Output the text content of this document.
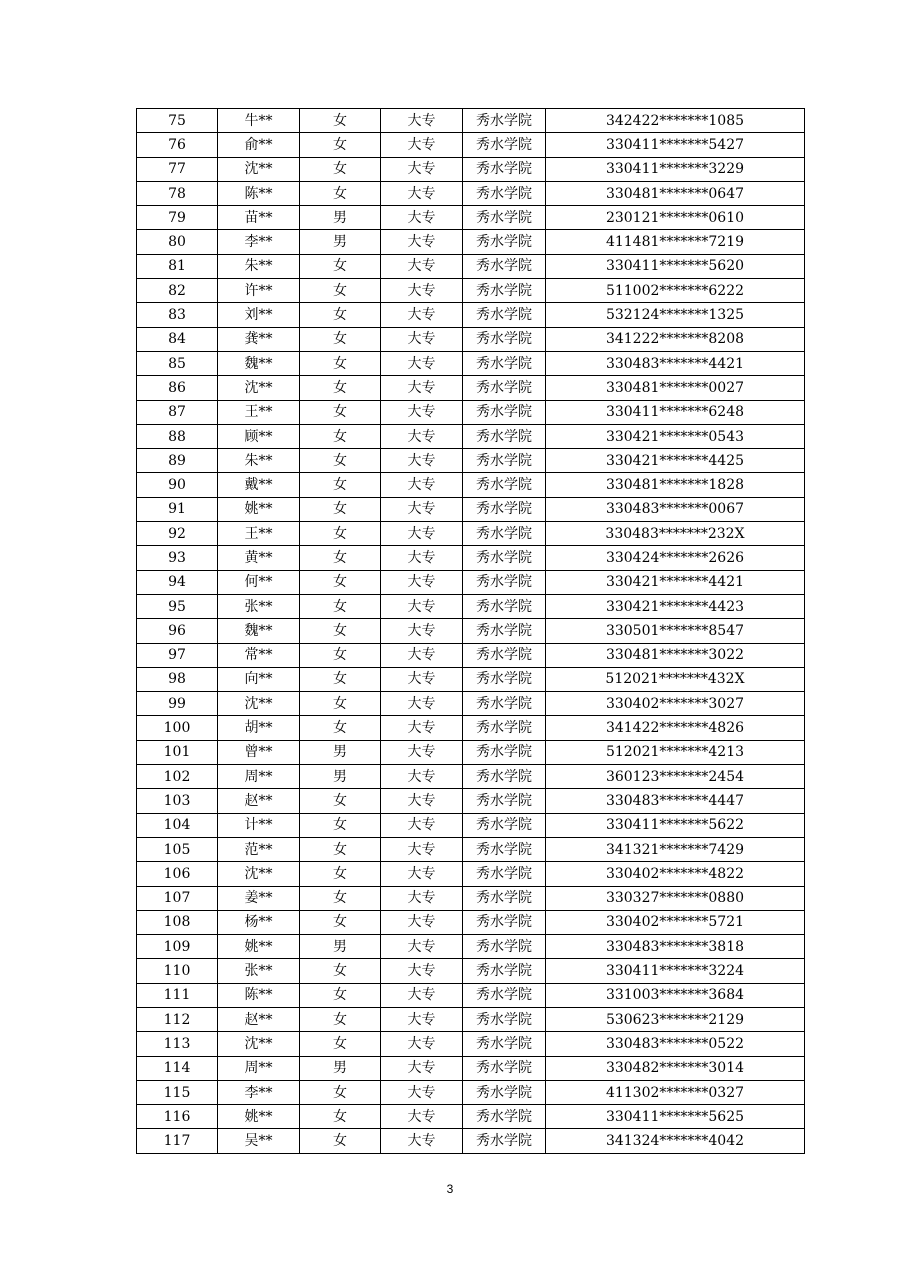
75	牛**	女	大专	秀水学院	342422*******1085
76	俞**	女	大专	秀水学院	330411*******5427
77	沈**	女	大专	秀水学院	330411*******3229
78	陈**	女	大专	秀水学院	330481*******0647
79	苗**	男	大专	秀水学院	230121*******0610
80	李**	男	大专	秀水学院	411481*******7219
81	朱**	女	大专	秀水学院	330411*******5620
82	许**	女	大专	秀水学院	511002*******6222
83	刘**	女	大专	秀水学院	532124*******1325
84	龚**	女	大专	秀水学院	341222*******8208
85	魏**	女	大专	秀水学院	330483*******4421
86	沈**	女	大专	秀水学院	330481*******0027
87	王**	女	大专	秀水学院	330411*******6248
88	顾**	女	大专	秀水学院	330421*******0543
89	朱**	女	大专	秀水学院	330421*******4425
90	戴**	女	大专	秀水学院	330481*******1828
91	姚**	女	大专	秀水学院	330483*******0067
92	王**	女	大专	秀水学院	330483*******232X
93	黄**	女	大专	秀水学院	330424*******2626
94	何**	女	大专	秀水学院	330421*******4421
95	张**	女	大专	秀水学院	330421*******4423
96	魏**	女	大专	秀水学院	330501*******8547
97	常**	女	大专	秀水学院	330481*******3022
98	向**	女	大专	秀水学院	512021*******432X
99	沈**	女	大专	秀水学院	330402*******3027
100	胡**	女	大专	秀水学院	341422*******4826
101	曾**	男	大专	秀水学院	512021*******4213
102	周**	男	大专	秀水学院	360123*******2454
103	赵**	女	大专	秀水学院	330483*******4447
104	计**	女	大专	秀水学院	330411*******5622
105	范**	女	大专	秀水学院	341321*******7429
106	沈**	女	大专	秀水学院	330402*******4822
107	姜**	女	大专	秀水学院	330327*******0880
108	杨**	女	大专	秀水学院	330402*******5721
109	姚**	男	大专	秀水学院	330483*******3818
110	张**	女	大专	秀水学院	330411*******3224
111	陈**	女	大专	秀水学院	331003*******3684
112	赵**	女	大专	秀水学院	530623*******2129
113	沈**	女	大专	秀水学院	330483*******0522
114	周**	男	大专	秀水学院	330482*******3014
115	李**	女	大专	秀水学院	411302*******0327
116	姚**	女	大专	秀水学院	330411*******5625
117	吴**	女	大专	秀水学院	341324*******4042
3
